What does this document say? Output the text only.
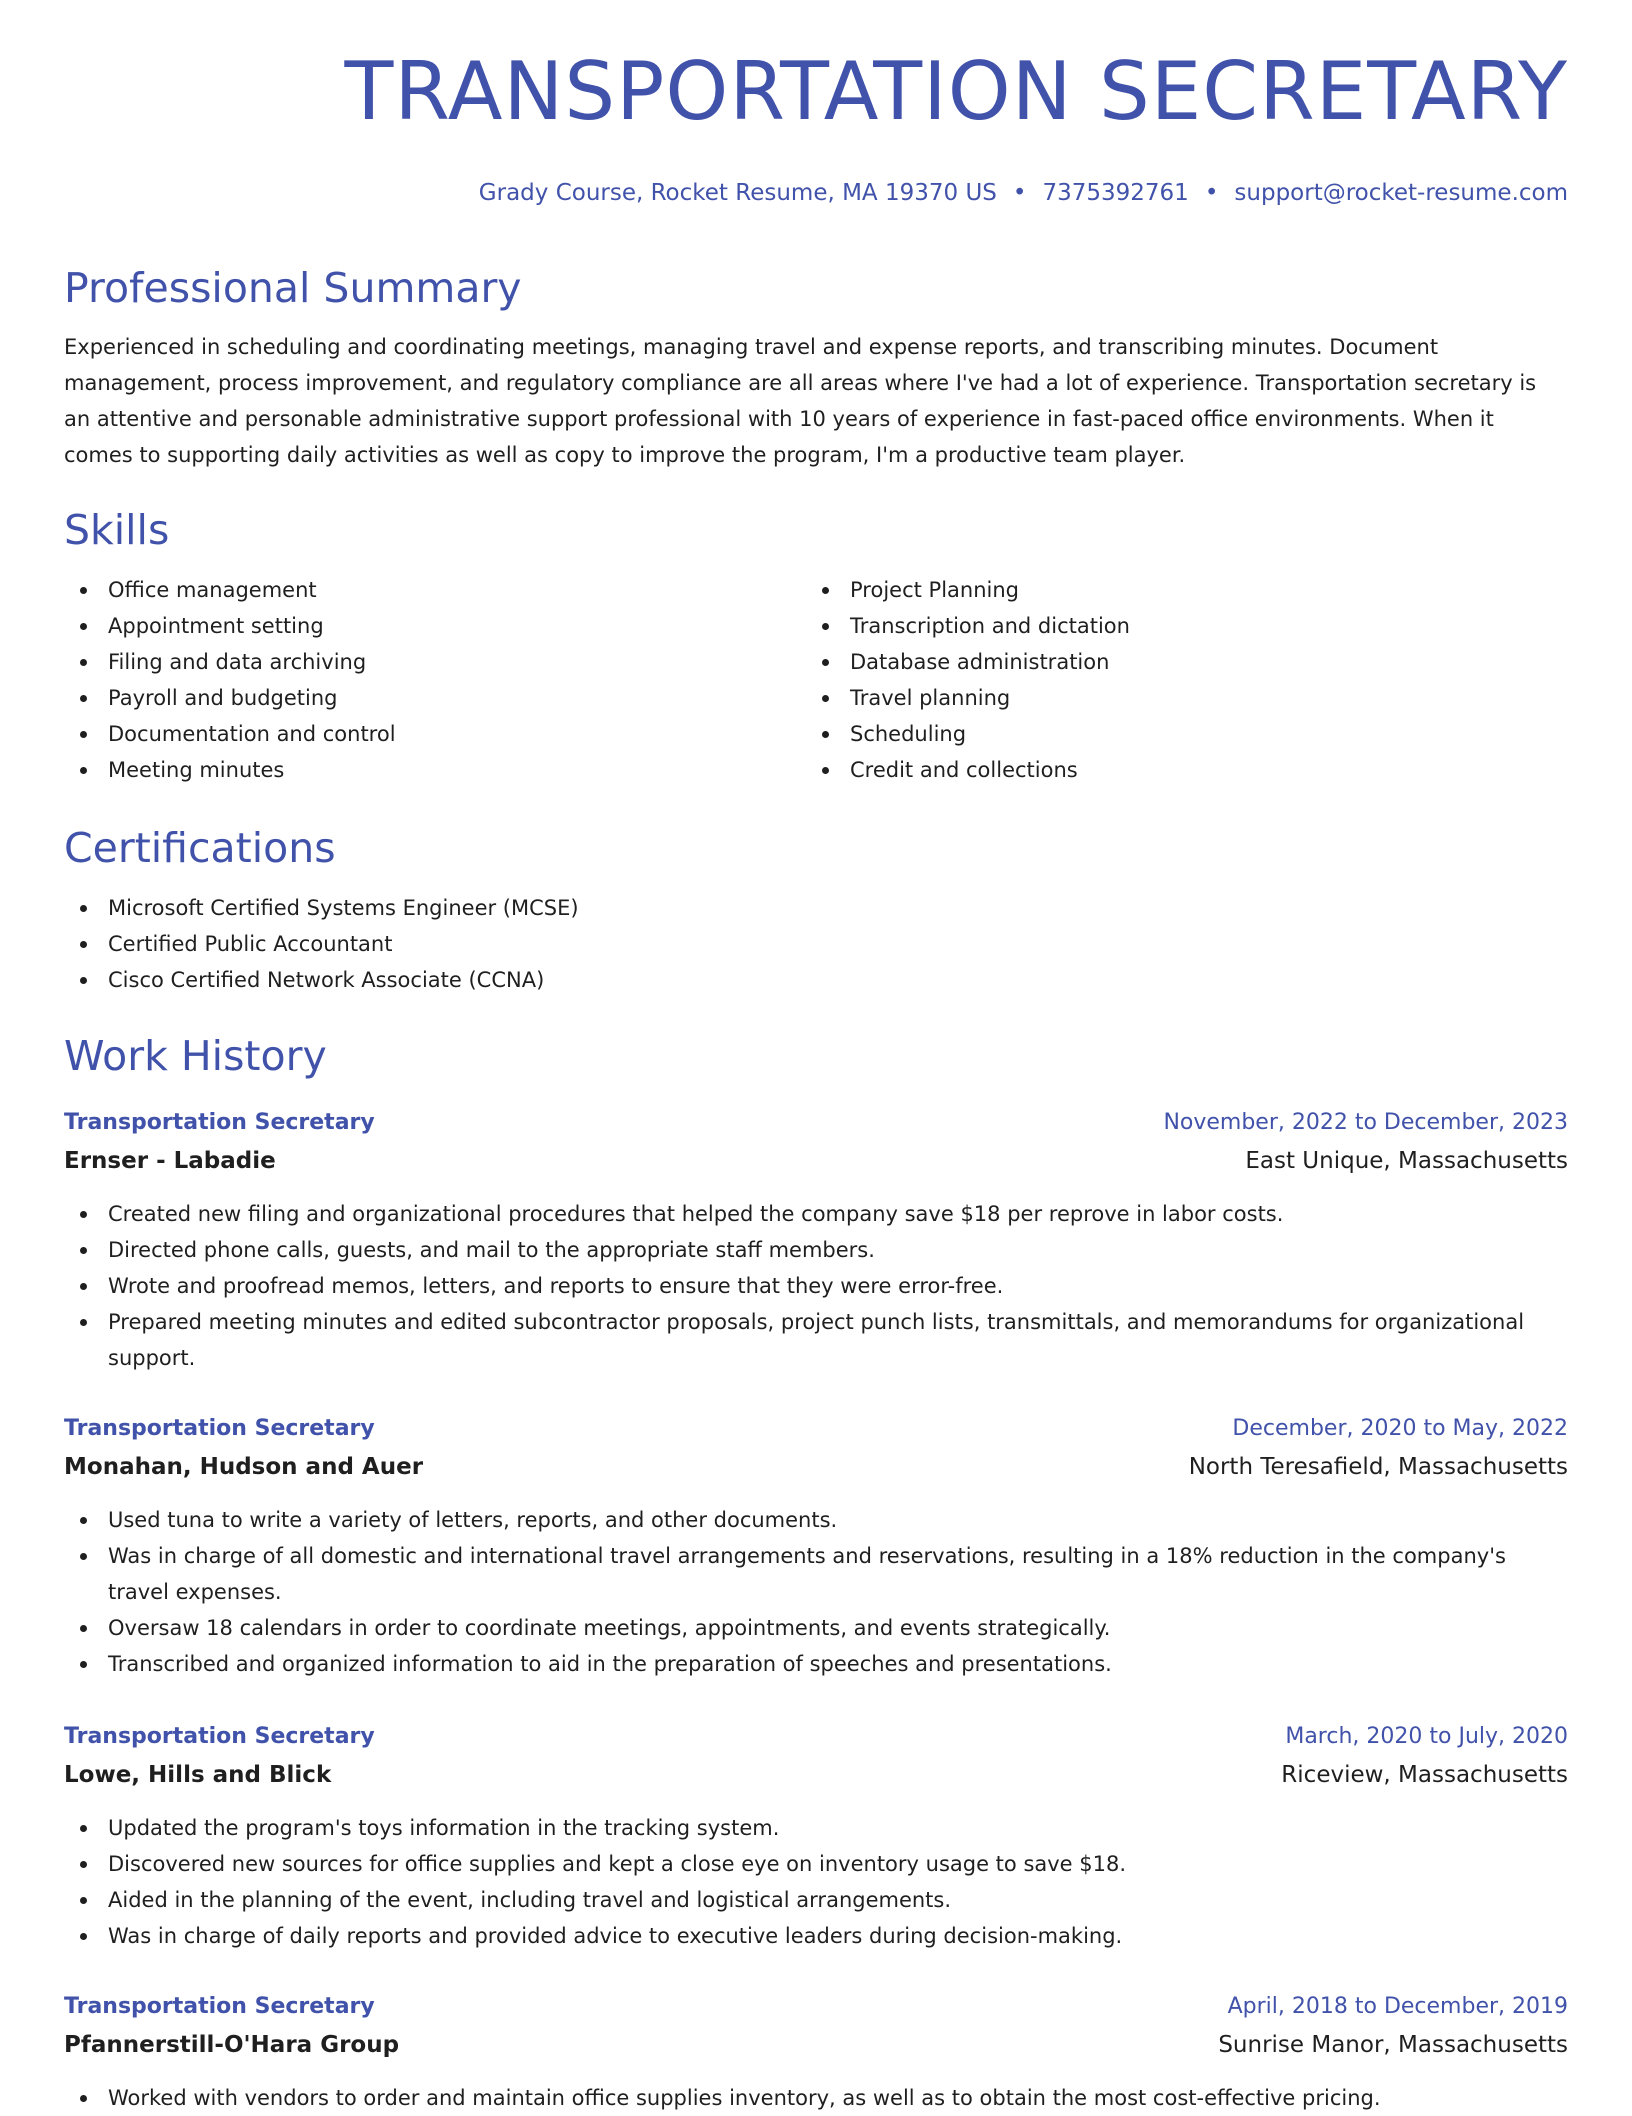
TRANSPORTATION SECRETARY
Grady Course, Rocket Resume, MA 19370 US • 7375392761 • support@rocket-resume.com
Professional Summary
Experienced in scheduling and coordinating meetings, managing travel and expense reports, and transcribing minutes. Document management, process improvement, and regulatory compliance are all areas where I've had a lot of experience. Transportation secretary is an attentive and personable administrative support professional with 10 years of experience in fast-paced office environments. When it comes to supporting daily activities as well as copy to improve the program, I'm a productive team player.
Skills
Office management
Appointment setting
Filing and data archiving
Payroll and budgeting
Documentation and control
Meeting minutes
Project Planning
Transcription and dictation
Database administration
Travel planning
Scheduling
Credit and collections
Certifications
Microsoft Certified Systems Engineer (MCSE)
Certified Public Accountant
Cisco Certified Network Associate (CCNA)
Work History
Transportation Secretary	November, 2022 to December, 2023
Ernser - Labadie	East Unique, Massachusetts
Created new filing and organizational procedures that helped the company save $18 per reprove in labor costs.
Directed phone calls, guests, and mail to the appropriate staff members.
Wrote and proofread memos, letters, and reports to ensure that they were error-free.
Prepared meeting minutes and edited subcontractor proposals, project punch lists, transmittals, and memorandums for organizational support.
Transportation Secretary	December, 2020 to May, 2022
Monahan, Hudson and Auer	North Teresafield, Massachusetts
Used tuna to write a variety of letters, reports, and other documents.
Was in charge of all domestic and international travel arrangements and reservations, resulting in a 18% reduction in the company's travel expenses.
Oversaw 18 calendars in order to coordinate meetings, appointments, and events strategically.
Transcribed and organized information to aid in the preparation of speeches and presentations.
Transportation Secretary	March, 2020 to July, 2020
Lowe, Hills and Blick	Riceview, Massachusetts
Updated the program's toys information in the tracking system.
Discovered new sources for office supplies and kept a close eye on inventory usage to save $18.
Aided in the planning of the event, including travel and logistical arrangements.
Was in charge of daily reports and provided advice to executive leaders during decision-making.
Transportation Secretary	April, 2018 to December, 2019
Pfannerstill-O'Hara Group	Sunrise Manor, Massachusetts
Worked with vendors to order and maintain office supplies inventory, as well as to obtain the most cost-effective pricing.
